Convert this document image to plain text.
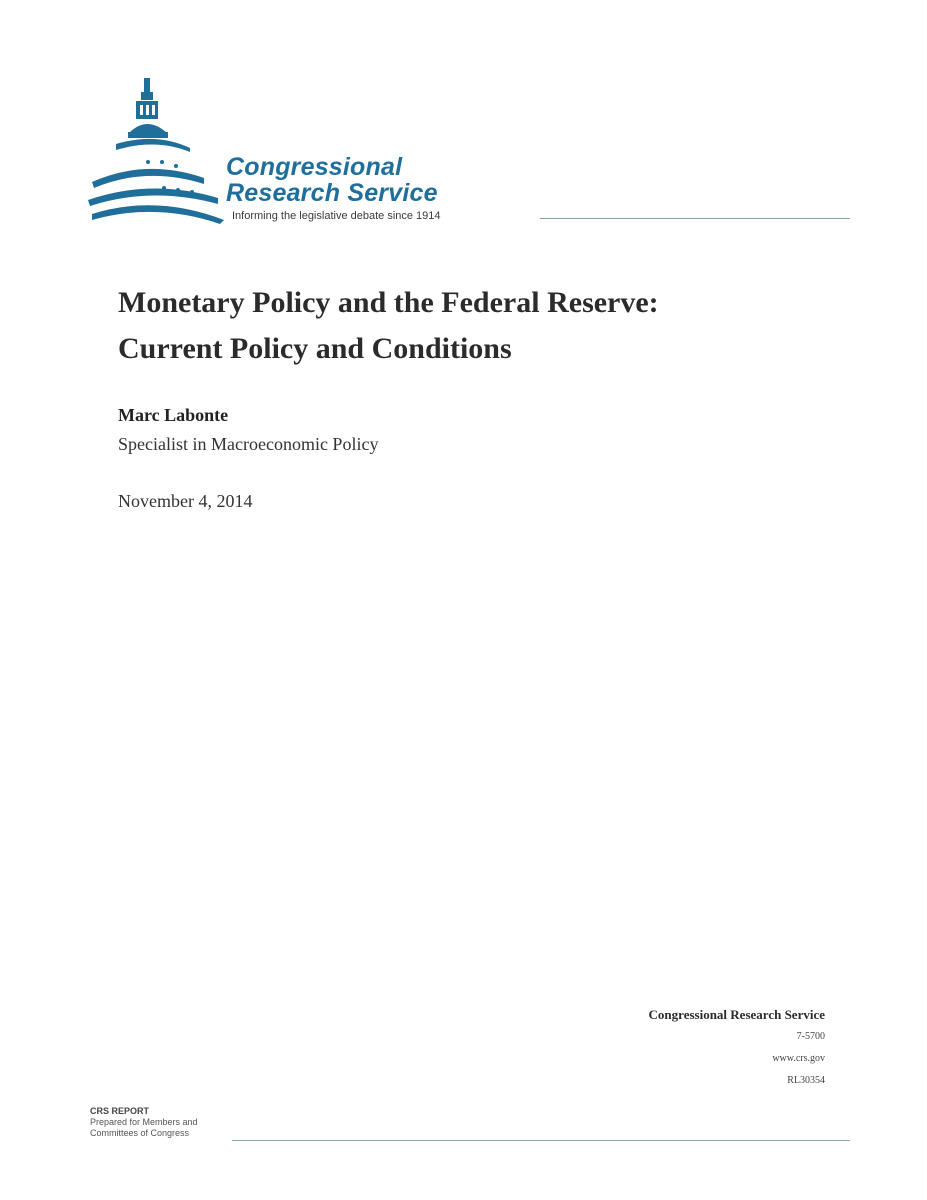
Congressional
Research Service
Informing the legislative debate since 1914
Monetary Policy and the Federal Reserve:
Current Policy and Conditions
Marc Labonte
Specialist in Macroeconomic Policy
November 4, 2014
Congressional Research Service
7-5700
www.crs.gov
RL30354
CRS REPORT
Prepared for Members and
Committees of Congress
